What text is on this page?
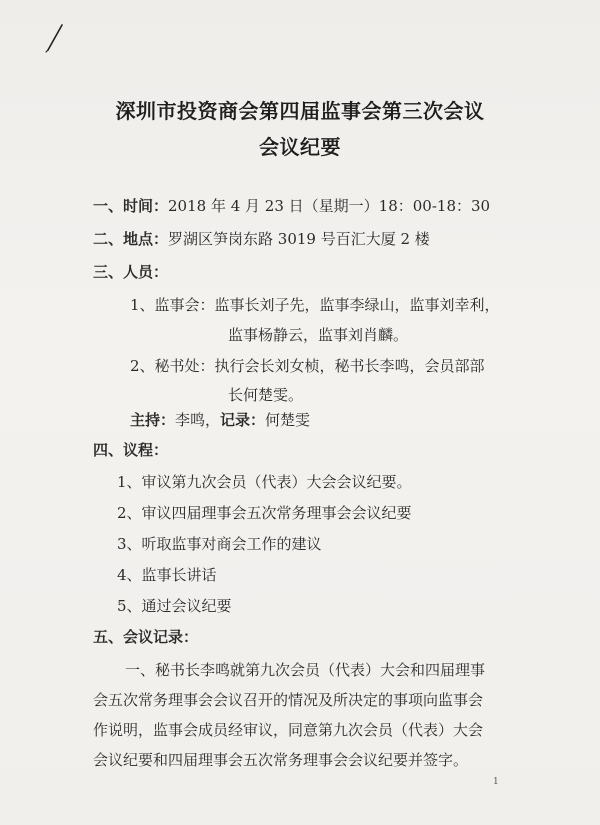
深圳市投资商会第四届监事会第三次会议
会议纪要
一、时间：2018 年 4 月 23 日（星期一）18：00-18：30
二、地点：罗湖区笋岗东路 3019 号百汇大厦 2 楼
三、人员：
1、监事会：监事长刘子先，监事李绿山，监事刘幸利，
监事杨静云，监事刘肖麟。
2、秘书处：执行会长刘女桢，秘书长李鸣，会员部部
长何楚雯。
主持：李鸣，记录：何楚雯
四、议程：
1、审议第九次会员（代表）大会会议纪要。
2、审议四届理事会五次常务理事会会议纪要
3、听取监事对商会工作的建议
4、监事长讲话
5、通过会议纪要
五、会议记录：
一、秘书长李鸣就第九次会员（代表）大会和四届理事
会五次常务理事会会议召开的情况及所决定的事项向监事会
作说明，监事会成员经审议，同意第九次会员（代表）大会
会议纪要和四届理事会五次常务理事会会议纪要并签字。
1
